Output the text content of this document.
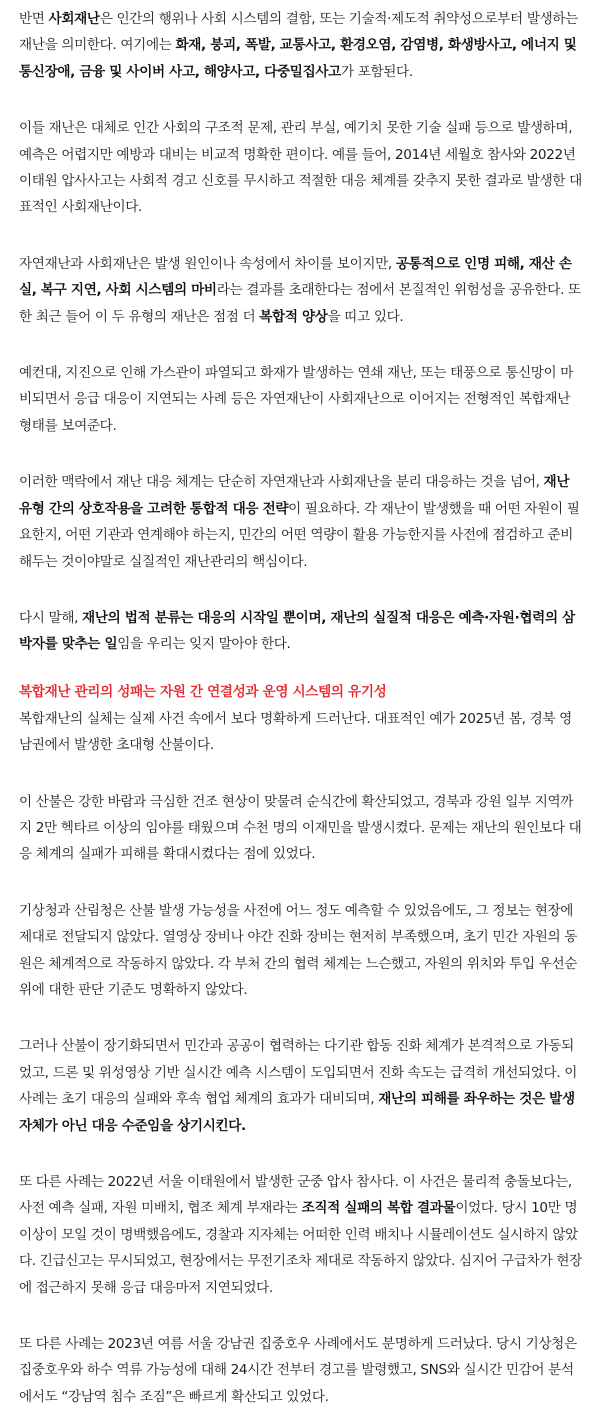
반면 사회재난은 인간의 행위나 사회 시스템의 결함, 또는 기술적·제도적 취약성으로부터 발생하는 재난을 의미한다. 여기에는 화재, 붕괴, 폭발, 교통사고, 환경오염, 감염병, 화생방사고, 에너지 및 통신장애, 금융 및 사이버 사고, 해양사고, 다중밀집사고가 포함된다.

이들 재난은 대체로 인간 사회의 구조적 문제, 관리 부실, 예기치 못한 기술 실패 등으로 발생하며, 예측은 어렵지만 예방과 대비는 비교적 명확한 편이다. 예를 들어, 2014년 세월호 참사와 2022년 이태원 압사사고는 사회적 경고 신호를 무시하고 적절한 대응 체계를 갖추지 못한 결과로 발생한 대표적인 사회재난이다.

자연재난과 사회재난은 발생 원인이나 속성에서 차이를 보이지만, 공통적으로 인명 피해, 재산 손실, 복구 지연, 사회 시스템의 마비라는 결과를 초래한다는 점에서 본질적인 위험성을 공유한다. 또한 최근 들어 이 두 유형의 재난은 점점 더 복합적 양상을 띠고 있다.

예컨대, 지진으로 인해 가스관이 파열되고 화재가 발생하는 연쇄 재난, 또는 태풍으로 통신망이 마비되면서 응급 대응이 지연되는 사례 등은 자연재난이 사회재난으로 이어지는 전형적인 복합재난 형태를 보여준다.

이러한 맥락에서 재난 대응 체계는 단순히 자연재난과 사회재난을 분리 대응하는 것을 넘어, 재난 유형 간의 상호작용을 고려한 통합적 대응 전략이 필요하다. 각 재난이 발생했을 때 어떤 자원이 필요한지, 어떤 기관과 연계해야 하는지, 민간의 어떤 역량이 활용 가능한지를 사전에 점검하고 준비해두는 것이야말로 실질적인 재난관리의 핵심이다.

다시 말해, 재난의 법적 분류는 대응의 시작일 뿐이며, 재난의 실질적 대응은 예측·자원·협력의 삼박자를 맞추는 일임을 우리는 잊지 말아야 한다.

복합재난 관리의 성패는 자원 간 연결성과 운영 시스템의 유기성

복합재난의 실체는 실제 사건 속에서 보다 명확하게 드러난다. 대표적인 예가 2025년 봄, 경북 영남권에서 발생한 초대형 산불이다.

이 산불은 강한 바람과 극심한 건조 현상이 맞물려 순식간에 확산되었고, 경북과 강원 일부 지역까지 2만 헥타르 이상의 임야를 태웠으며 수천 명의 이재민을 발생시켰다. 문제는 재난의 원인보다 대응 체계의 실패가 피해를 확대시켰다는 점에 있었다.

기상청과 산림청은 산불 발생 가능성을 사전에 어느 정도 예측할 수 있었음에도, 그 정보는 현장에 제대로 전달되지 않았다. 열영상 장비나 야간 진화 장비는 현저히 부족했으며, 초기 민간 자원의 동원은 체계적으로 작동하지 않았다. 각 부처 간의 협력 체계는 느슨했고, 자원의 위치와 투입 우선순위에 대한 판단 기준도 명확하지 않았다.

그러나 산불이 장기화되면서 민간과 공공이 협력하는 다기관 합동 진화 체계가 본격적으로 가동되었고, 드론 및 위성영상 기반 실시간 예측 시스템이 도입되면서 진화 속도는 급격히 개선되었다. 이 사례는 초기 대응의 실패와 후속 협업 체계의 효과가 대비되며, 재난의 피해를 좌우하는 것은 발생 자체가 아닌 대응 수준임을 상기시킨다.

또 다른 사례는 2022년 서울 이태원에서 발생한 군중 압사 참사다. 이 사건은 물리적 충돌보다는, 사전 예측 실패, 자원 미배치, 협조 체계 부재라는 조직적 실패의 복합 결과물이었다. 당시 10만 명 이상이 모일 것이 명백했음에도, 경찰과 지자체는 어떠한 인력 배치나 시뮬레이션도 실시하지 않았다. 긴급신고는 무시되었고, 현장에서는 무전기조차 제대로 작동하지 않았다. 심지어 구급차가 현장에 접근하지 못해 응급 대응마저 지연되었다.

또 다른 사례는 2023년 여름 서울 강남권 집중호우 사례에서도 분명하게 드러났다. 당시 기상청은 집중호우와 하수 역류 가능성에 대해 24시간 전부터 경고를 발령했고, SNS와 실시간 민감어 분석에서도 “강남역 침수 조짐”은 빠르게 확산되고 있었다.
